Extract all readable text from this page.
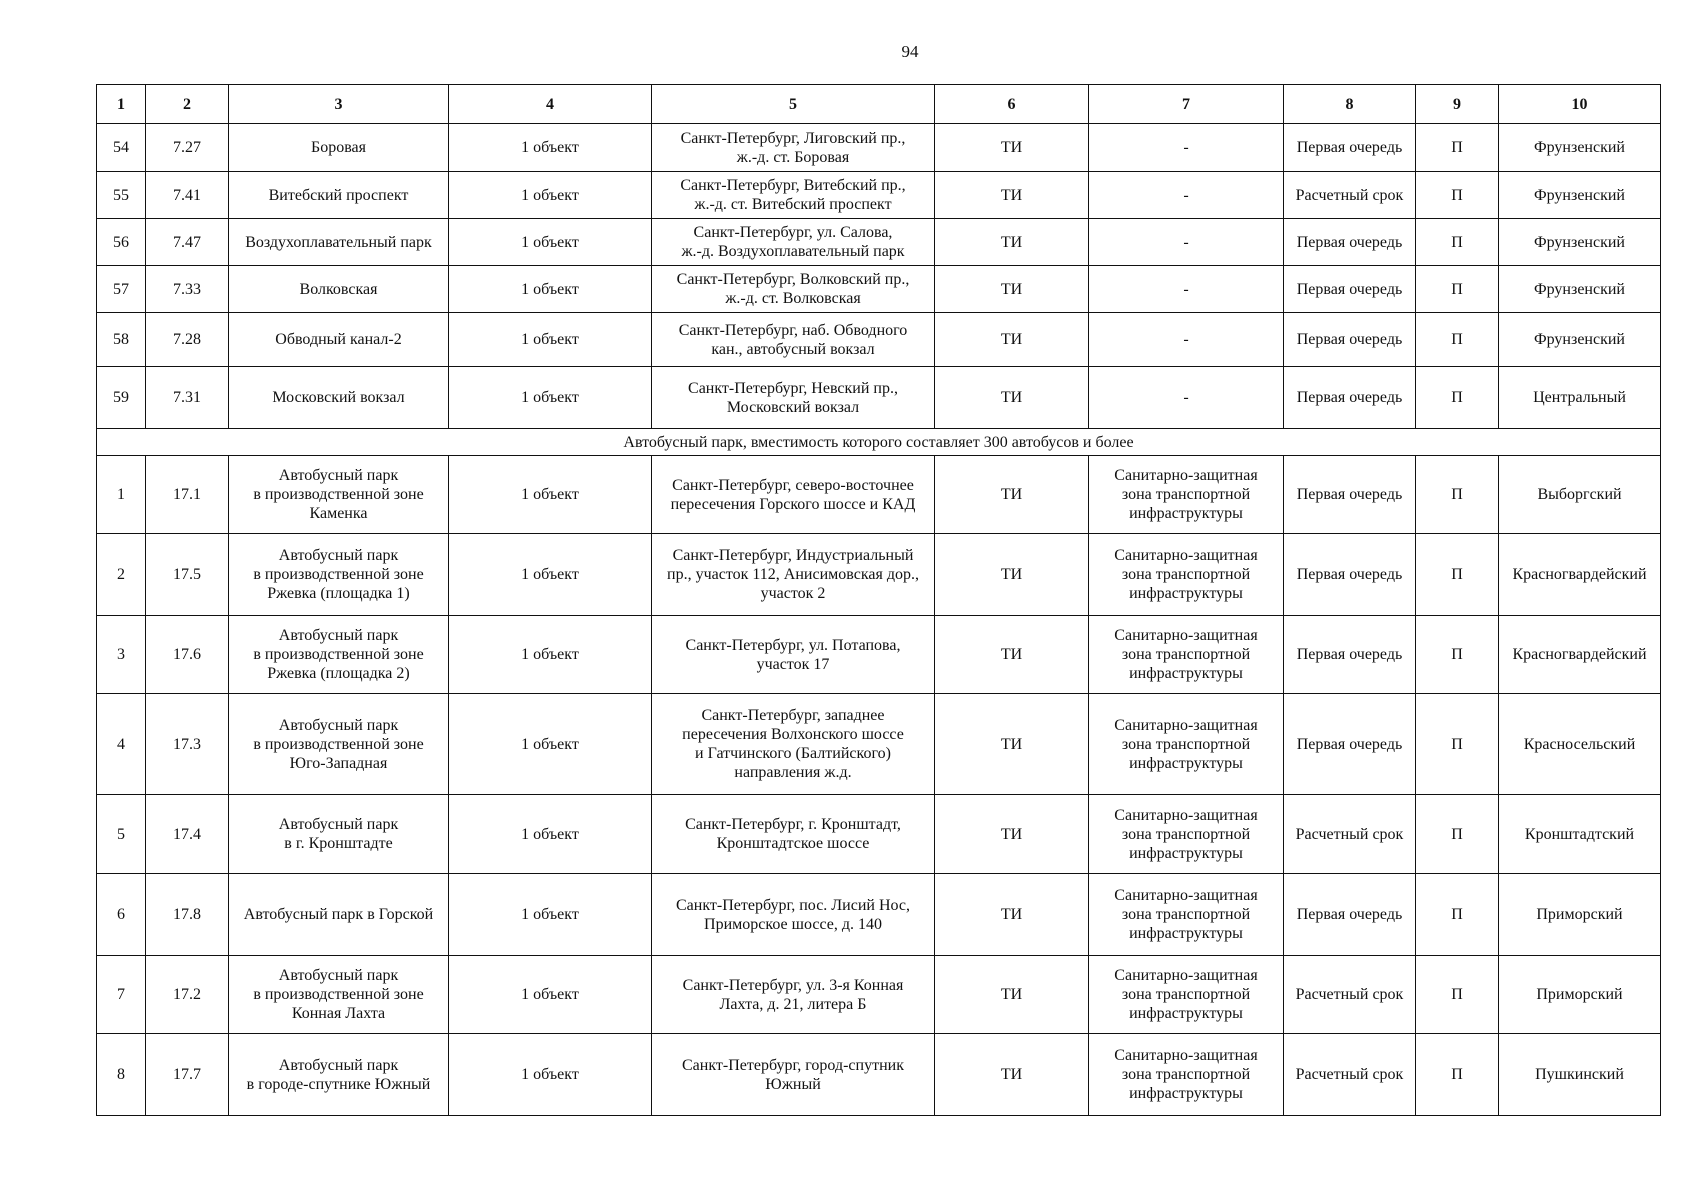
94
1	2	3	4	5	6	7	8	9	10
54	7.27	Боровая	1 объект	Санкт-Петербург, Лиговский пр.,
ж.-д. ст. Боровая	ТИ	-	Первая очередь	П	Фрунзенский
55	7.41	Витебский проспект	1 объект	Санкт-Петербург, Витебский пр.,
ж.-д. ст. Витебский проспект	ТИ	-	Расчетный срок	П	Фрунзенский
56	7.47	Воздухоплавательный парк	1 объект	Санкт-Петербург, ул. Салова,
ж.-д. Воздухоплавательный парк	ТИ	-	Первая очередь	П	Фрунзенский
57	7.33	Волковская	1 объект	Санкт-Петербург, Волковский пр.,
ж.-д. ст. Волковская	ТИ	-	Первая очередь	П	Фрунзенский
58	7.28	Обводный канал-2	1 объект	Санкт-Петербург, наб. Обводного
кан., автобусный вокзал	ТИ	-	Первая очередь	П	Фрунзенский
59	7.31	Московский вокзал	1 объект	Санкт-Петербург, Невский пр.,
Московский вокзал	ТИ	-	Первая очередь	П	Центральный
Автобусный парк, вместимость которого составляет 300 автобусов и более									
1	17.1	Автобусный парк
в производственной зоне
Каменка	1 объект	Санкт-Петербург, северо-восточнее
пересечения Горского шоссе и КАД	ТИ	Санитарно-защитная
зона транспортной
инфраструктуры	Первая очередь	П	Выборгский
2	17.5	Автобусный парк
в производственной зоне
Ржевка (площадка 1)	1 объект	Санкт-Петербург, Индустриальный
пр., участок 112, Анисимовская дор.,
участок 2	ТИ	Санитарно-защитная
зона транспортной
инфраструктуры	Первая очередь	П	Красногвардейский
3	17.6	Автобусный парк
в производственной зоне
Ржевка (площадка 2)	1 объект	Санкт-Петербург, ул. Потапова,
участок 17	ТИ	Санитарно-защитная
зона транспортной
инфраструктуры	Первая очередь	П	Красногвардейский
4	17.3	Автобусный парк
в производственной зоне
Юго-Западная	1 объект	Санкт-Петербург, западнее
пересечения Волхонского шоссе
и Гатчинского (Балтийского)
направления ж.д.	ТИ	Санитарно-защитная
зона транспортной
инфраструктуры	Первая очередь	П	Красносельский
5	17.4	Автобусный парк
в г. Кронштадте	1 объект	Санкт-Петербург, г. Кронштадт,
Кронштадтское шоссе	ТИ	Санитарно-защитная
зона транспортной
инфраструктуры	Расчетный срок	П	Кронштадтский
6	17.8	Автобусный парк в Горской	1 объект	Санкт-Петербург, пос. Лисий Нос,
Приморское шоссе, д. 140	ТИ	Санитарно-защитная
зона транспортной
инфраструктуры	Первая очередь	П	Приморский
7	17.2	Автобусный парк
в производственной зоне
Конная Лахта	1 объект	Санкт-Петербург, ул. 3-я Конная
Лахта, д. 21, литера Б	ТИ	Санитарно-защитная
зона транспортной
инфраструктуры	Расчетный срок	П	Приморский
8	17.7	Автобусный парк
в городе-спутнике Южный	1 объект	Санкт-Петербург, город-спутник
Южный	ТИ	Санитарно-защитная
зона транспортной
инфраструктуры	Расчетный срок	П	Пушкинский
